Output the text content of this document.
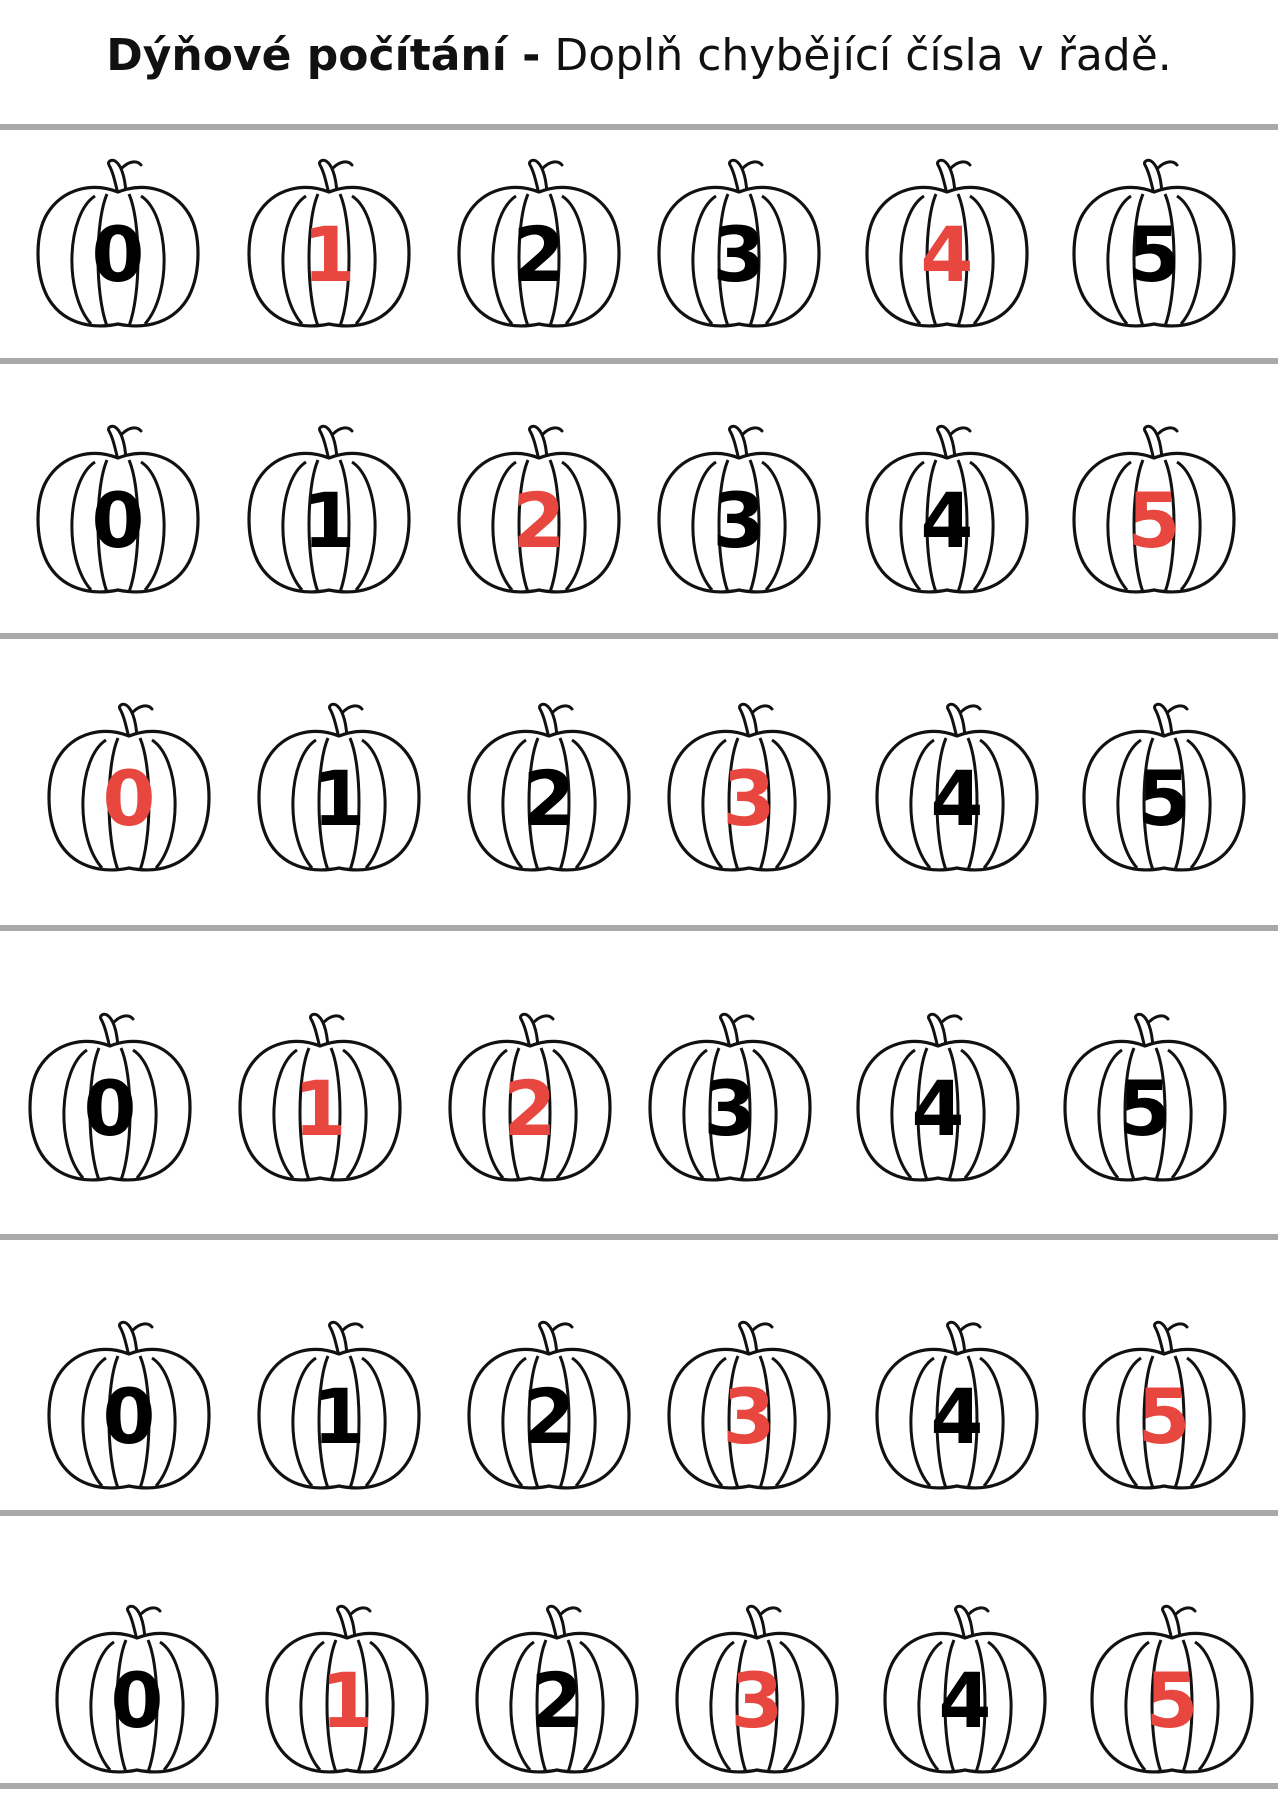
Dýňové počítání - Doplň chybějící čísla v řadě.
0	1	2	3	4	5
0	1	2	3	4	5
0	1	2	3	4	5
0	1	2	3	4	5
0	1	2	3	4	5
0	1	2	3	4	5
